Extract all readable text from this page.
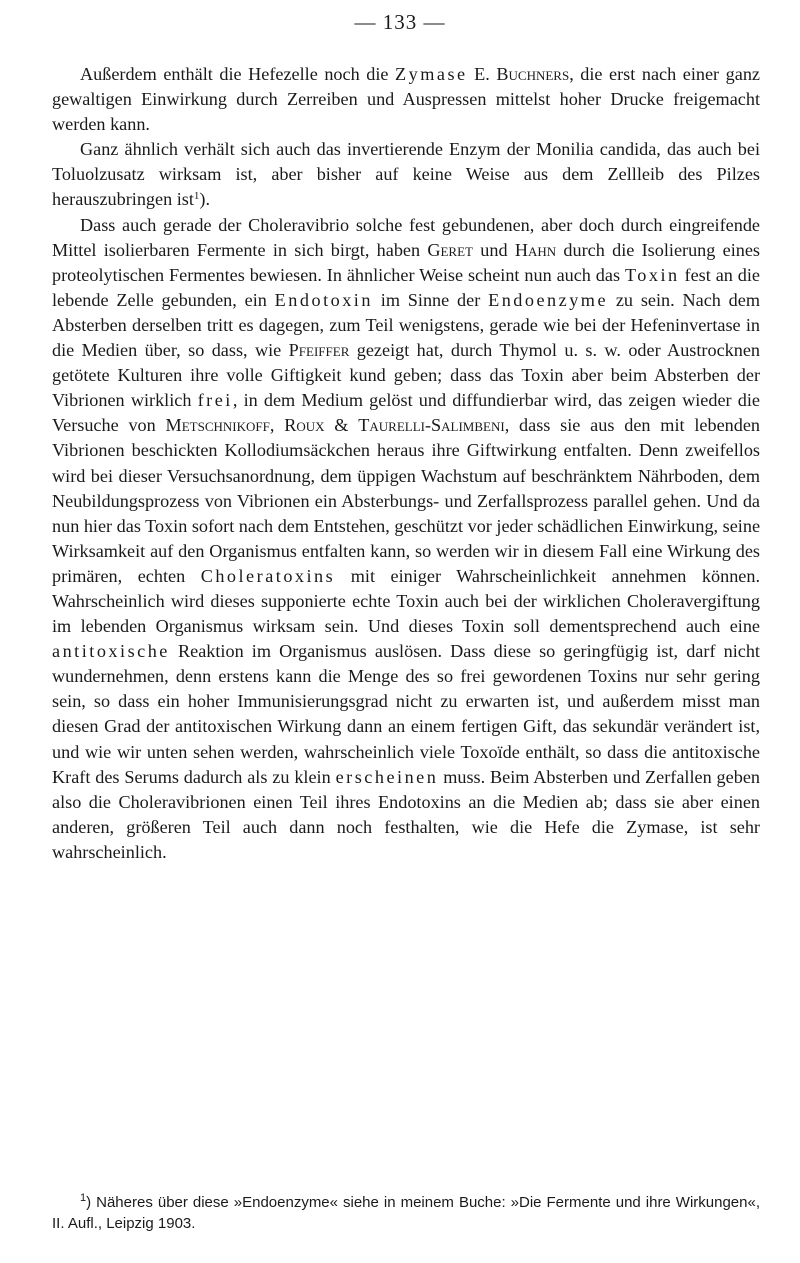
— 133 —

Außerdem enthält die Hefezelle noch die Zymase E. Buchners, die erst nach einer ganz gewaltigen Einwirkung durch Zerreiben und Auspressen mittelst hoher Drucke freigemacht werden kann.

Ganz ähnlich verhält sich auch das invertierende Enzym der Monilia candida, das auch bei Toluolzusatz wirksam ist, aber bisher auf keine Weise aus dem Zellleib des Pilzes herauszubringen ist$^1$).

Dass auch gerade der Choleravibrio solche fest gebundenen, aber doch durch eingreifende Mittel isolierbaren Fermente in sich birgt, haben Geret und Hahn durch die Isolierung eines proteolytischen Fermentes bewiesen. In ähnlicher Weise scheint nun auch das Toxin fest an die lebende Zelle gebunden, ein Endotoxin im Sinne der Endoenzyme zu sein. Nach dem Absterben derselben tritt es dagegen, zum Teil wenigstens, gerade wie bei der Hefeninvertase in die Medien über, so dass, wie Pfeiffer gezeigt hat, durch Thymol u. s. w. oder Austrocknen getötete Kulturen ihre volle Giftigkeit kund geben; dass das Toxin aber beim Absterben der Vibrionen wirklich frei, in dem Medium gelöst und diffundierbar wird, das zeigen wieder die Versuche von Metschnikoff, Roux & Taurelli-Salimbeni, dass sie aus den mit lebenden Vibrionen beschickten Kollodiumsäckchen heraus ihre Giftwirkung entfalten. Denn zweifellos wird bei dieser Versuchsanordnung, dem üppigen Wachstum auf beschränktem Nährboden, dem Neubildungsprozess von Vibrionen ein Absterbungs- und Zerfallsprozess parallel gehen. Und da nun hier das Toxin sofort nach dem Entstehen, geschützt vor jeder schädlichen Einwirkung, seine Wirksamkeit auf den Organismus entfalten kann, so werden wir in diesem Fall eine Wirkung des primären, echten Choleratoxins mit einiger Wahrscheinlichkeit annehmen können. Wahrscheinlich wird dieses supponierte echte Toxin auch bei der wirklichen Choleravergiftung im lebenden Organismus wirksam sein. Und dieses Toxin soll dementsprechend auch eine antitoxische Reaktion im Organismus auslösen. Dass diese so geringfügig ist, darf nicht wundernehmen, denn erstens kann die Menge des so frei gewordenen Toxins nur sehr gering sein, so dass ein hoher Immunisierungsgrad nicht zu erwarten ist, und außerdem misst man diesen Grad der antitoxischen Wirkung dann an einem fertigen Gift, das sekundär verändert ist, und wie wir unten sehen werden, wahrscheinlich viele Toxoïde enthält, so dass die antitoxische Kraft des Serums dadurch als zu klein erscheinen muss. Beim Absterben und Zerfallen geben also die Choleravibrionen einen Teil ihres Endotoxins an die Medien ab; dass sie aber einen anderen, größeren Teil auch dann noch festhalten, wie die Hefe die Zymase, ist sehr wahrscheinlich.

$^1$) Näheres über diese »Endoenzyme« siehe in meinem Buche: »Die Fermente und ihre Wirkungen«, II. Aufl., Leipzig 1903.
